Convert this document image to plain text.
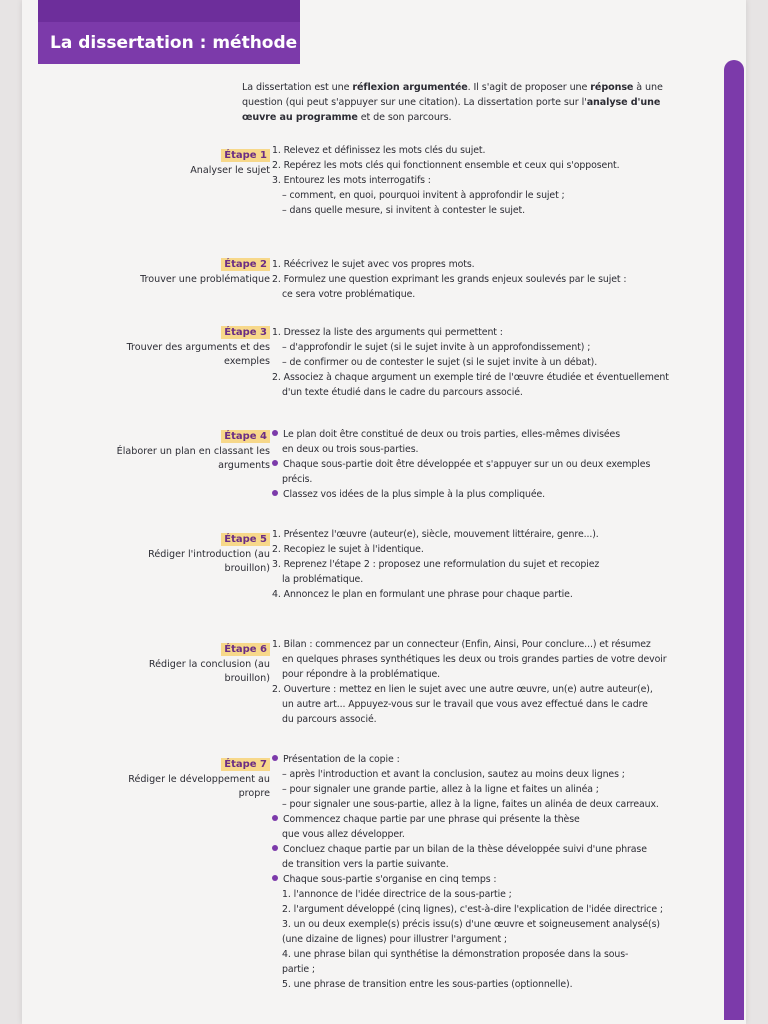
La dissertation : méthode
La dissertation est une réflexion argumentée. Il s'agit de proposer une réponse à une question (qui peut s'appuyer sur une citation). La dissertation porte sur l'analyse d'une œuvre au programme et de son parcours.
Étape 1
Analyser le sujet
1. Relevez et définissez les mots clés du sujet.
2. Repérez les mots clés qui fonctionnent ensemble et ceux qui s'opposent.
3. Entourez les mots interrogatifs :
– comment, en quoi, pourquoi invitent à approfondir le sujet ;
– dans quelle mesure, si invitent à contester le sujet.
Étape 2
Trouver une problématique
1. Réécrivez le sujet avec vos propres mots.
2. Formulez une question exprimant les grands enjeux soulevés par le sujet :
ce sera votre problématique.
Étape 3
Trouver des arguments et des exemples
1. Dressez la liste des arguments qui permettent :
– d'approfondir le sujet (si le sujet invite à un approfondissement) ;
– de confirmer ou de contester le sujet (si le sujet invite à un débat).
2. Associez à chaque argument un exemple tiré de l'œuvre étudiée et éventuellement
d'un texte étudié dans le cadre du parcours associé.
Étape 4
Élaborer un plan en classant les arguments
Le plan doit être constitué de deux ou trois parties, elles-mêmes divisées
en deux ou trois sous-parties.
Chaque sous-partie doit être développée et s'appuyer sur un ou deux exemples
précis.
Classez vos idées de la plus simple à la plus compliquée.
Étape 5
Rédiger l'introduction (au brouillon)
1. Présentez l'œuvre (auteur(e), siècle, mouvement littéraire, genre...).
2. Recopiez le sujet à l'identique.
3. Reprenez l'étape 2 : proposez une reformulation du sujet et recopiez
la problématique.
4. Annoncez le plan en formulant une phrase pour chaque partie.
Étape 6
Rédiger la conclusion (au brouillon)
1. Bilan : commencez par un connecteur (Enfin, Ainsi, Pour conclure...) et résumez
en quelques phrases synthétiques les deux ou trois grandes parties de votre devoir
pour répondre à la problématique.
2. Ouverture : mettez en lien le sujet avec une autre œuvre, un(e) autre auteur(e),
un autre art... Appuyez-vous sur le travail que vous avez effectué dans le cadre
du parcours associé.
Étape 7
Rédiger le développement au propre
Présentation de la copie :
– après l'introduction et avant la conclusion, sautez au moins deux lignes ;
– pour signaler une grande partie, allez à la ligne et faites un alinéa ;
– pour signaler une sous-partie, allez à la ligne, faites un alinéa de deux carreaux.
Commencez chaque partie par une phrase qui présente la thèse
que vous allez développer.
Concluez chaque partie par un bilan de la thèse développée suivi d'une phrase
de transition vers la partie suivante.
Chaque sous-partie s'organise en cinq temps :
1. l'annonce de l'idée directrice de la sous-partie ;
2. l'argument développé (cinq lignes), c'est-à-dire l'explication de l'idée directrice ;
3. un ou deux exemple(s) précis issu(s) d'une œuvre et soigneusement analysé(s)
(une dizaine de lignes) pour illustrer l'argument ;
4. une phrase bilan qui synthétise la démonstration proposée dans la sous-
partie ;
5. une phrase de transition entre les sous-parties (optionnelle).
